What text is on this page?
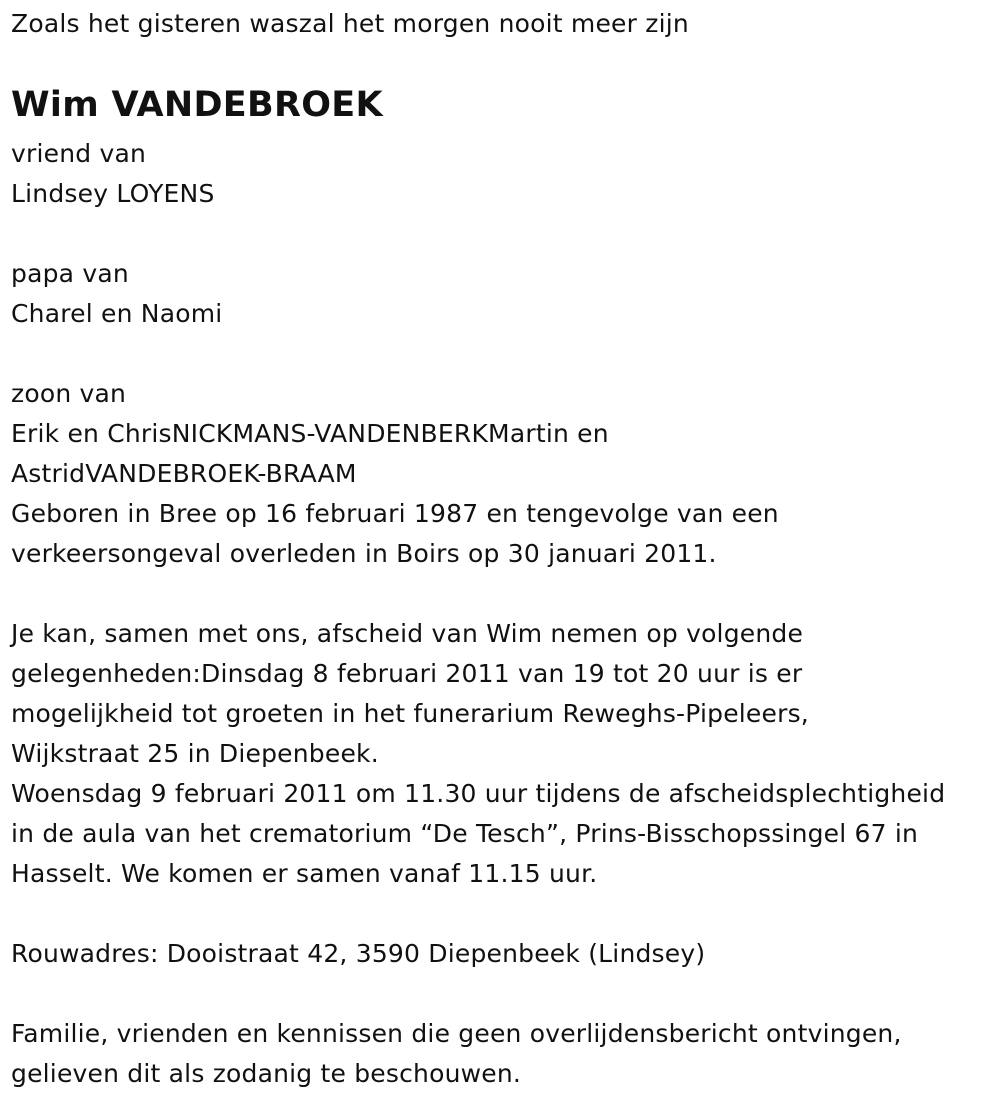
Zoals het gisteren waszal het morgen nooit meer zijn
Wim VANDEBROEK
vriend van
Lindsey LOYENS
papa van
Charel en Naomi
zoon van
Erik en ChrisNICKMANS-VANDENBERKMartin en
AstridVANDEBROEK-BRAAM
Geboren in Bree op 16 februari 1987 en tengevolge van een
verkeersongeval overleden in Boirs op 30 januari 2011.
Je kan, samen met ons, afscheid van Wim nemen op volgende
gelegenheden:Dinsdag 8 februari 2011 van 19 tot 20 uur is er
mogelijkheid tot groeten in het funerarium Reweghs-Pipeleers,
Wijkstraat 25 in Diepenbeek.
Woensdag 9 februari 2011 om 11.30 uur tijdens de afscheidsplechtigheid
in de aula van het crematorium “De Tesch”, Prins-Bisschopssingel 67 in
Hasselt. We komen er samen vanaf 11.15 uur.
Rouwadres: Dooistraat 42, 3590 Diepenbeek (Lindsey)
Familie, vrienden en kennissen die geen overlijdensbericht ontvingen,
gelieven dit als zodanig te beschouwen.
